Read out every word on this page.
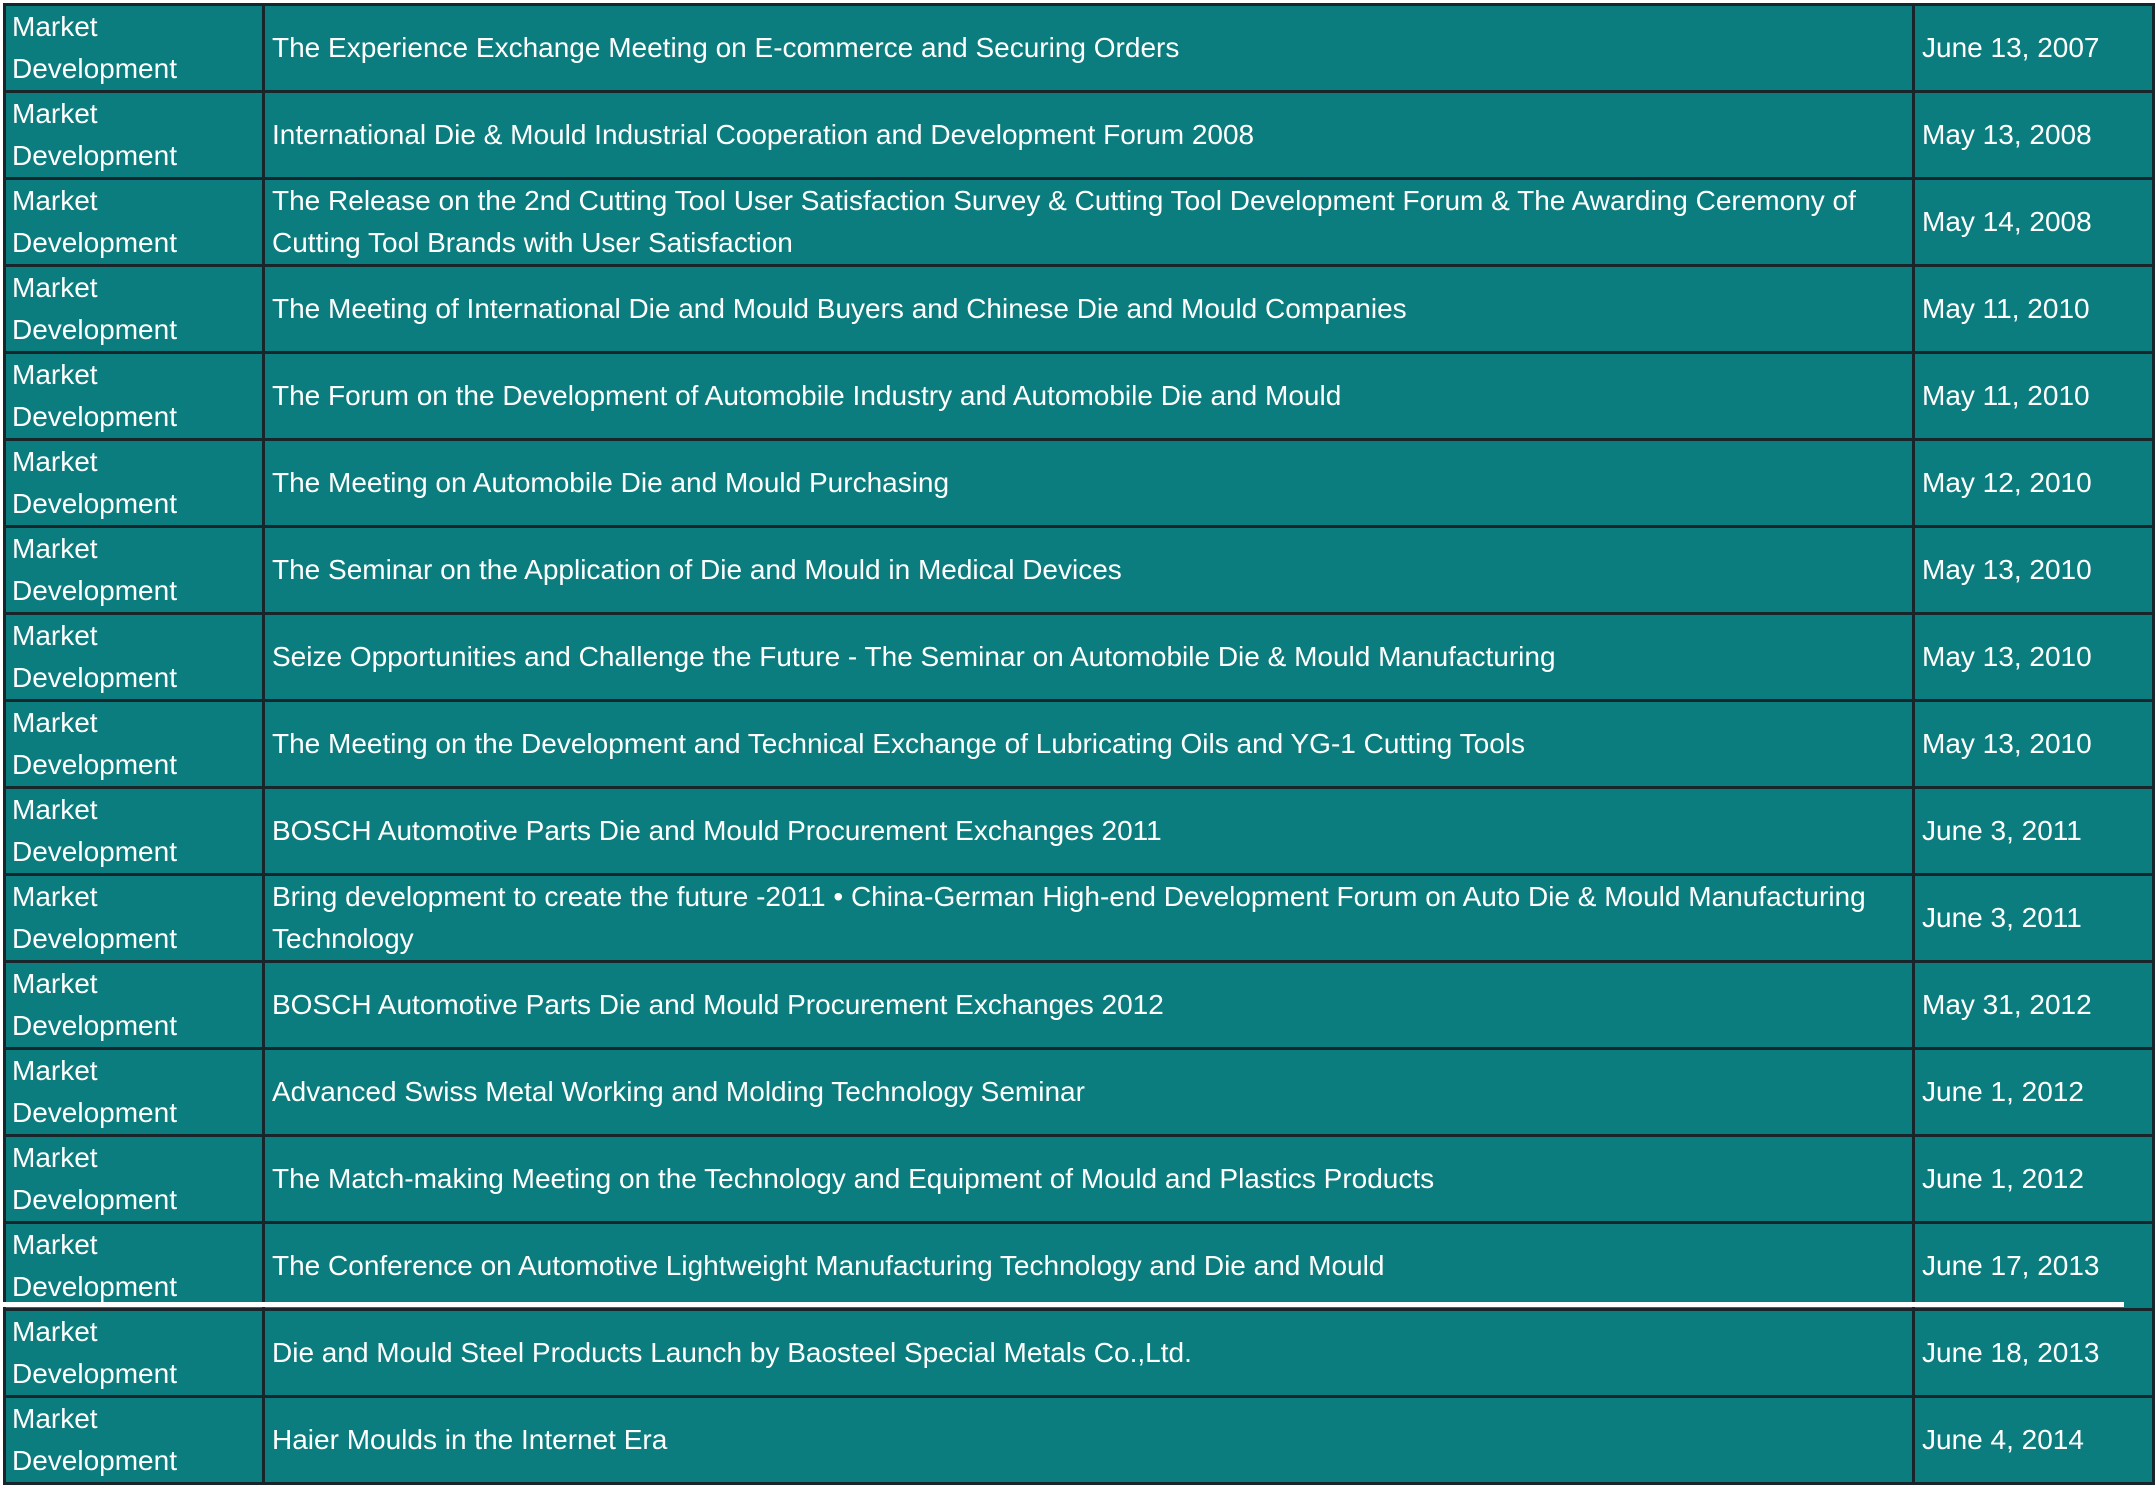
Market Development	The Experience Exchange Meeting on E-commerce and Securing Orders	June 13, 2007

Market Development	International Die & Mould Industrial Cooperation and Development Forum 2008	May 13, 2008

Market Development	The Release on the 2nd Cutting Tool User Satisfaction Survey & Cutting Tool Development Forum & The Awarding Ceremony of Cutting Tool Brands with User Satisfaction	May 14, 2008

Market Development	The Meeting of International Die and Mould Buyers and Chinese Die and Mould Companies	May 11, 2010

Market Development	The Forum on the Development of Automobile Industry and Automobile Die and Mould	May 11, 2010

Market Development	The Meeting on Automobile Die and Mould Purchasing	May 12, 2010

Market Development	The Seminar on the Application of Die and Mould in Medical Devices	May 13, 2010

Market Development	Seize Opportunities and Challenge the Future - The Seminar on Automobile Die & Mould Manufacturing	May 13, 2010

Market Development	The Meeting on the Development and Technical Exchange of Lubricating Oils and YG-1 Cutting Tools	May 13, 2010

Market Development	BOSCH Automotive Parts Die and Mould Procurement Exchanges 2011	June 3, 2011

Market Development	Bring development to create the future -2011 • China-German High-end Development Forum on Auto Die & Mould Manufacturing Technology	June 3, 2011

Market Development	BOSCH Automotive Parts Die and Mould Procurement Exchanges 2012	May 31, 2012

Market Development	Advanced Swiss Metal Working and Molding Technology Seminar	June 1, 2012

Market Development	The Match-making Meeting on the Technology and Equipment of Mould and Plastics Products	June 1, 2012

Market Development	The Conference on Automotive Lightweight Manufacturing Technology and Die and Mould	June 17, 2013

Market Development	Die and Mould Steel Products Launch by Baosteel Special Metals Co.,Ltd.	June 18, 2013

Market Development	Haier Moulds in the Internet Era	June 4, 2014
